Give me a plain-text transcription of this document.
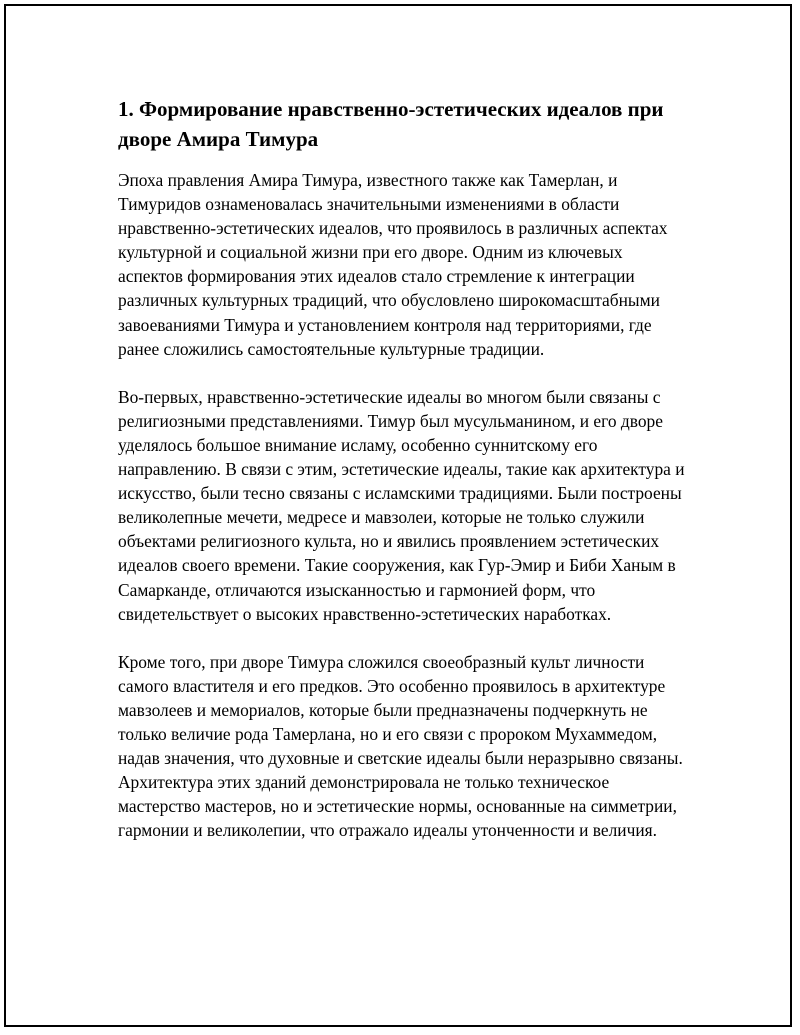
1. Формирование нравственно-эстетических идеалов при дворе Амира Тимура

Эпоха правления Амира Тимура, известного также как Тамерлан, и Тимуридов ознаменовалась значительными изменениями в области нравственно-эстетических идеалов, что проявилось в различных аспектах культурной и социальной жизни при его дворе. Одним из ключевых аспектов формирования этих идеалов стало стремление к интеграции различных культурных традиций, что обусловлено широкомасштабными завоеваниями Тимура и установлением контроля над территориями, где ранее сложились самостоятельные культурные традиции.

Во-первых, нравственно-эстетические идеалы во многом были связаны с религиозными представлениями. Тимур был мусульманином, и его дворе уделялось большое внимание исламу, особенно суннитскому его направлению. В связи с этим, эстетические идеалы, такие как архитектура и искусство, были тесно связаны с исламскими традициями. Были построены великолепные мечети, медресе и мавзолеи, которые не только служили объектами религиозного культа, но и явились проявлением эстетических идеалов своего времени. Такие сооружения, как Гур-Эмир и Биби Ханым в Самарканде, отличаются изысканностью и гармонией форм, что свидетельствует о высоких нравственно-эстетических наработках.

Кроме того, при дворе Тимура сложился своеобразный культ личности самого властителя и его предков. Это особенно проявилось в архитектуре мавзолеев и мемориалов, которые были предназначены подчеркнуть не только величие рода Тамерлана, но и его связи с пророком Мухаммедом, надав значения, что духовные и светские идеалы были неразрывно связаны. Архитектура этих зданий демонстрировала не только техническое мастерство мастеров, но и эстетические нормы, основанные на симметрии, гармонии и великолепии, что отражало идеалы утонченности и величия.
